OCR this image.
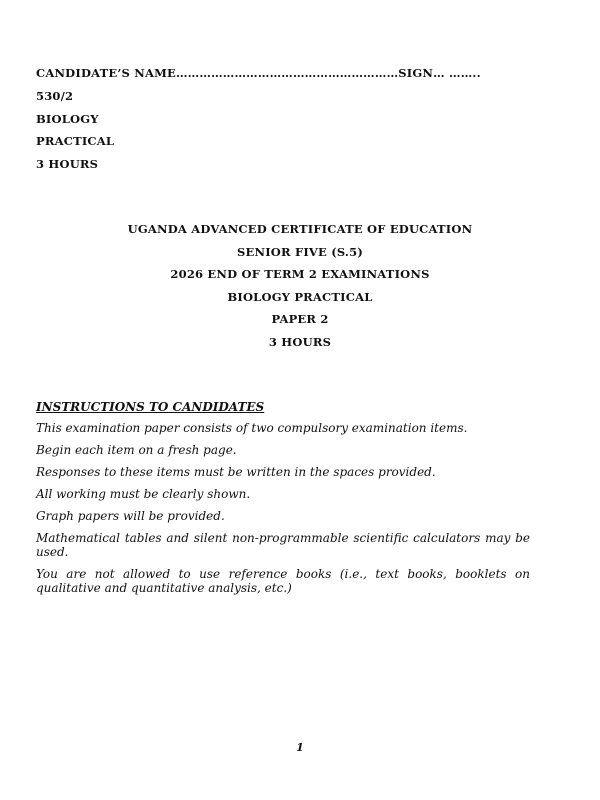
CANDIDATE’S NAME…………………………………………………SIGN… ……..
530/2
BIOLOGY
PRACTICAL
3 HOURS
UGANDA ADVANCED CERTIFICATE OF EDUCATION
SENIOR FIVE (S.5)
2026 END OF TERM 2 EXAMINATIONS
BIOLOGY PRACTICAL
PAPER 2
3 HOURS
INSTRUCTIONS TO CANDIDATES
This examination paper consists of two compulsory examination items.
Begin each item on a fresh page.
Responses to these items must be written in the spaces provided.
All working must be clearly shown.
Graph papers will be provided.
Mathematical tables and silent non-programmable scientific calculators may be used.
You are not allowed to use reference books (i.e., text books, booklets on qualitative and quantitative analysis, etc.)
1
